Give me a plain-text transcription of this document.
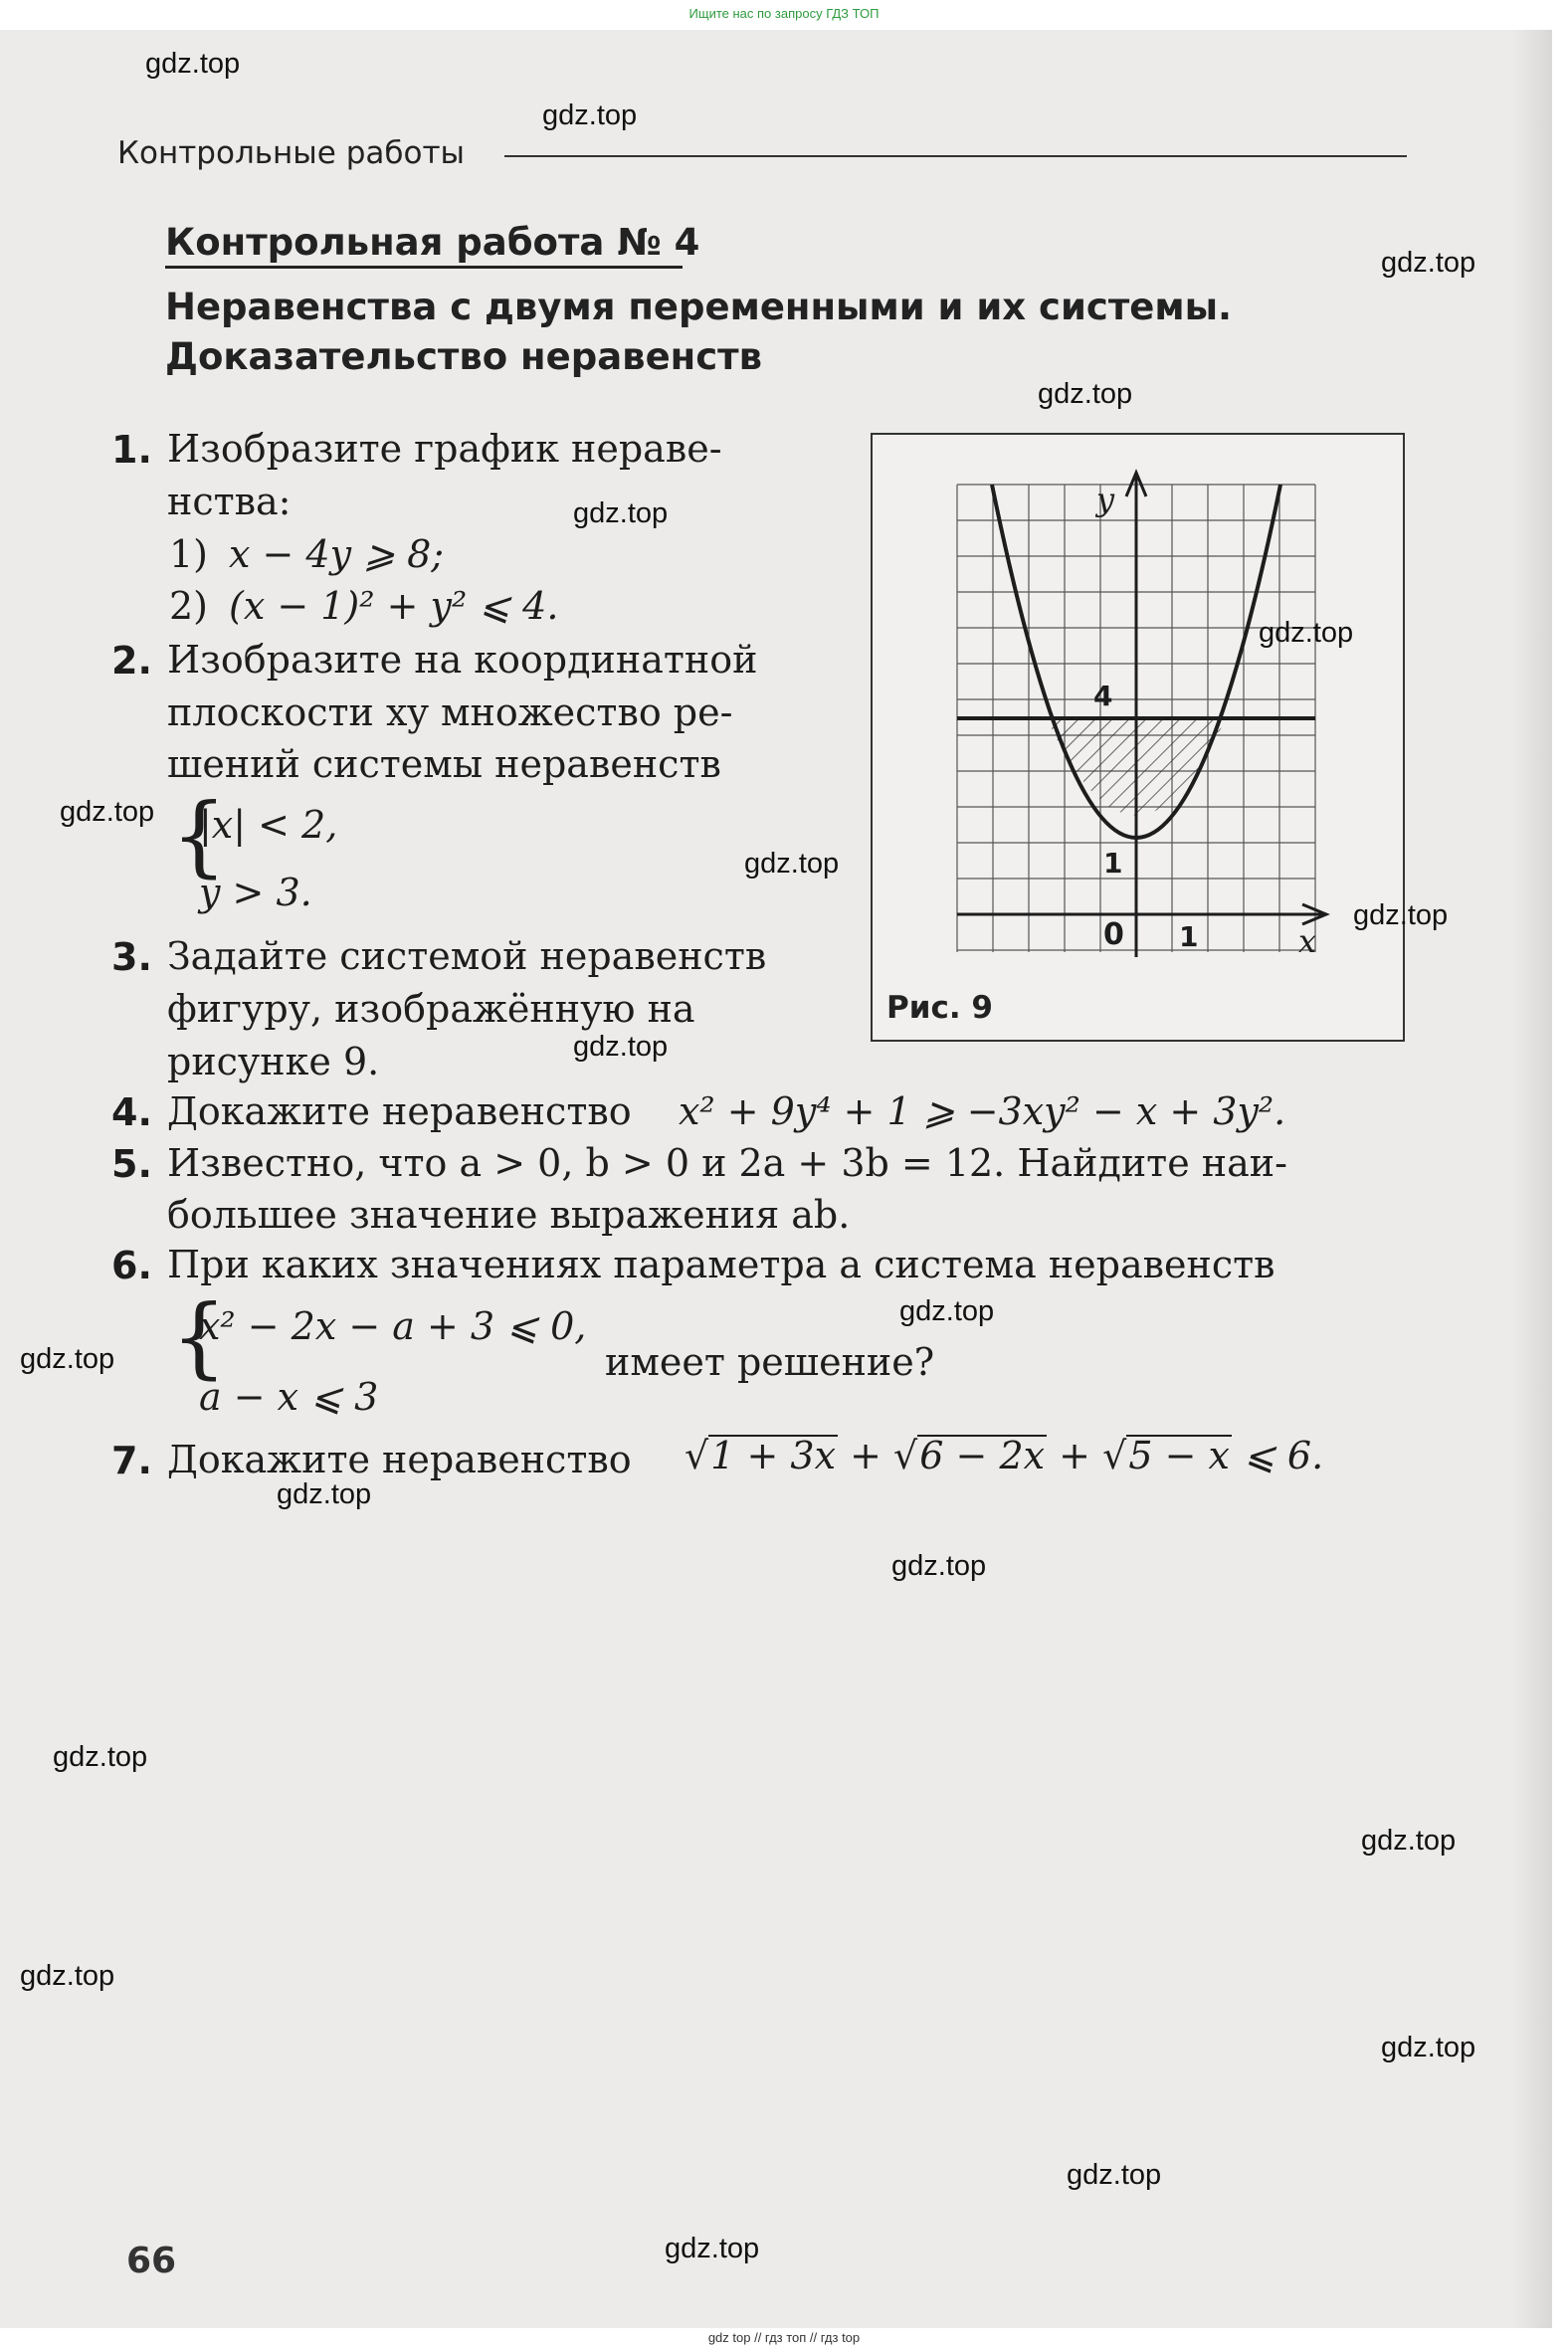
Ищите нас по запросу ГДЗ ТОП
Контрольные работы
Контрольная работа № 4
Неравенства с двумя переменными и их системы.
Доказательство неравенств
1. Изобразите график нераве-
нства:
1) x − 4y ⩾ 8;
2) (x − 1)² + y² ⩽ 4.
2. Изобразите на координатной
плоскости xy множество ре-
шений системы неравенств
{
|x| < 2,
y > 3.
3. Задайте системой неравенств
фигуру, изображённую на
рисунке 9.
4. Докажите неравенство x² + 9y⁴ + 1 ⩾ −3xy² − x + 3y².
5. Известно, что a > 0, b > 0 и 2a + 3b = 12. Найдите наи-
большее значение выражения ab.
6. При каких значениях параметра a система неравенств
{
x² − 2x − a + 3 ⩽ 0,
a − x ⩽ 3
имеет решение?
7. Докажите неравенство √1 + 3x + √6 − 2x + √5 − x ⩽ 6.
y
x
4
1
0 1
Рис. 9
66
gdz.top
gdz.top
gdz.top
gdz.top
gdz.top
gdz.top
gdz.top
gdz.top
gdz.top
gdz.top
gdz.top
gdz.top
gdz.top
gdz.top
gdz.top
gdz.top
gdz.top
gdz.top
gdz.top
gdz.top
gdz top // гдз топ // гдз top
